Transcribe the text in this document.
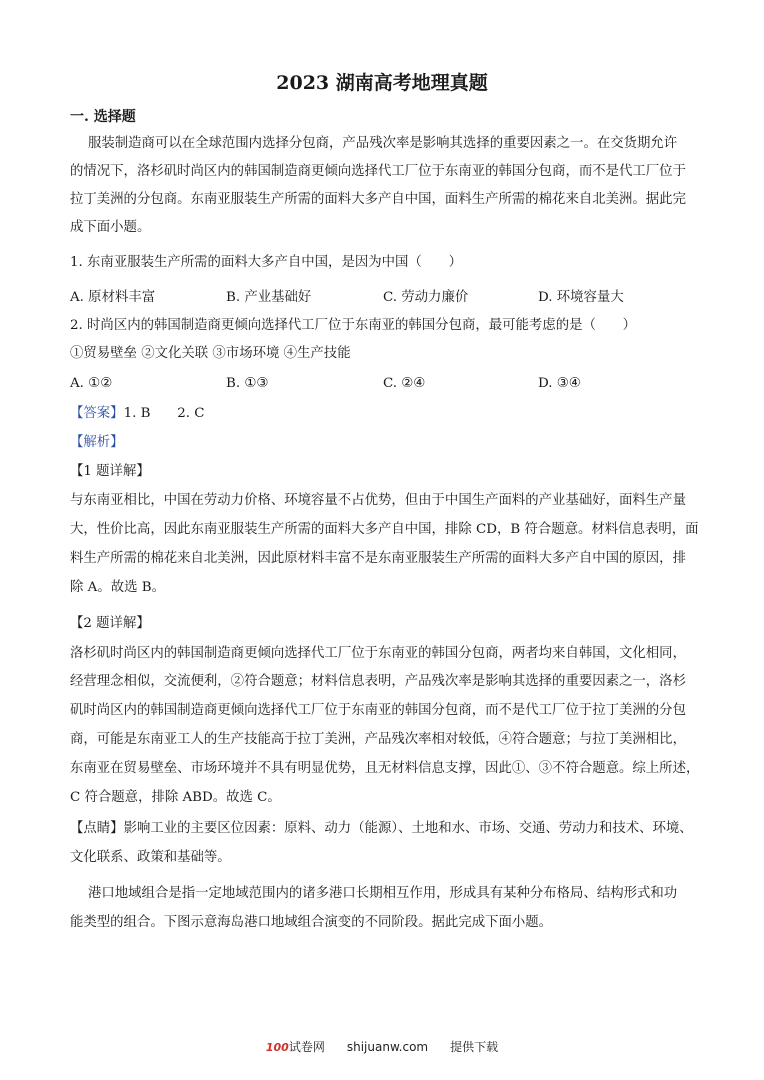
2023 湖南高考地理真题
一. 选择题
服装制造商可以在全球范围内选择分包商，产品残次率是影响其选择的重要因素之一。在交货期允许
的情况下，洛杉矶时尚区内的韩国制造商更倾向选择代工厂位于东南亚的韩国分包商，而不是代工厂位于
拉丁美洲的分包商。东南亚服装生产所需的面料大多产自中国，面料生产所需的棉花来自北美洲。据此完
成下面小题。
1. 东南亚服装生产所需的面料大多产自中国，是因为中国（　　）
A. 原材料丰富	B. 产业基础好	C. 劳动力廉价	D. 环境容量大
2. 时尚区内的韩国制造商更倾向选择代工厂位于东南亚的韩国分包商，最可能考虑的是（　　）
①贸易壁垒 ②文化关联 ③市场环境 ④生产技能
A. ①②	B. ①③	C. ②④	D. ③④
【答案】1. B　　2. C
【解析】
【1 题详解】
与东南亚相比，中国在劳动力价格、环境容量不占优势，但由于中国生产面料的产业基础好，面料生产量
大，性价比高，因此东南亚服装生产所需的面料大多产自中国，排除 CD，B 符合题意。材料信息表明，面
料生产所需的棉花来自北美洲，因此原材料丰富不是东南亚服装生产所需的面料大多产自中国的原因，排
除 A。故选 B。
【2 题详解】
洛杉矶时尚区内的韩国制造商更倾向选择代工厂位于东南亚的韩国分包商，两者均来自韩国，文化相同，
经营理念相似，交流便利，②符合题意；材料信息表明，产品残次率是影响其选择的重要因素之一，洛杉
矶时尚区内的韩国制造商更倾向选择代工厂位于东南亚的韩国分包商，而不是代工厂位于拉丁美洲的分包
商，可能是东南亚工人的生产技能高于拉丁美洲，产品残次率相对较低，④符合题意；与拉丁美洲相比，
东南亚在贸易壁垒、市场环境并不具有明显优势，且无材料信息支撑，因此①、③不符合题意。综上所述，
C 符合题意，排除 ABD。故选 C。
【点睛】影响工业的主要区位因素：原料、动力（能源）、土地和水、市场、交通、劳动力和技术、环境、
文化联系、政策和基础等。
港口地域组合是指一定地域范围内的诸多港口长期相互作用，形成具有某种分布格局、结构形式和功
能类型的组合。下图示意海岛港口地域组合演变的不同阶段。据此完成下面小题。
100试卷网 shijuanw.com 提供下载
